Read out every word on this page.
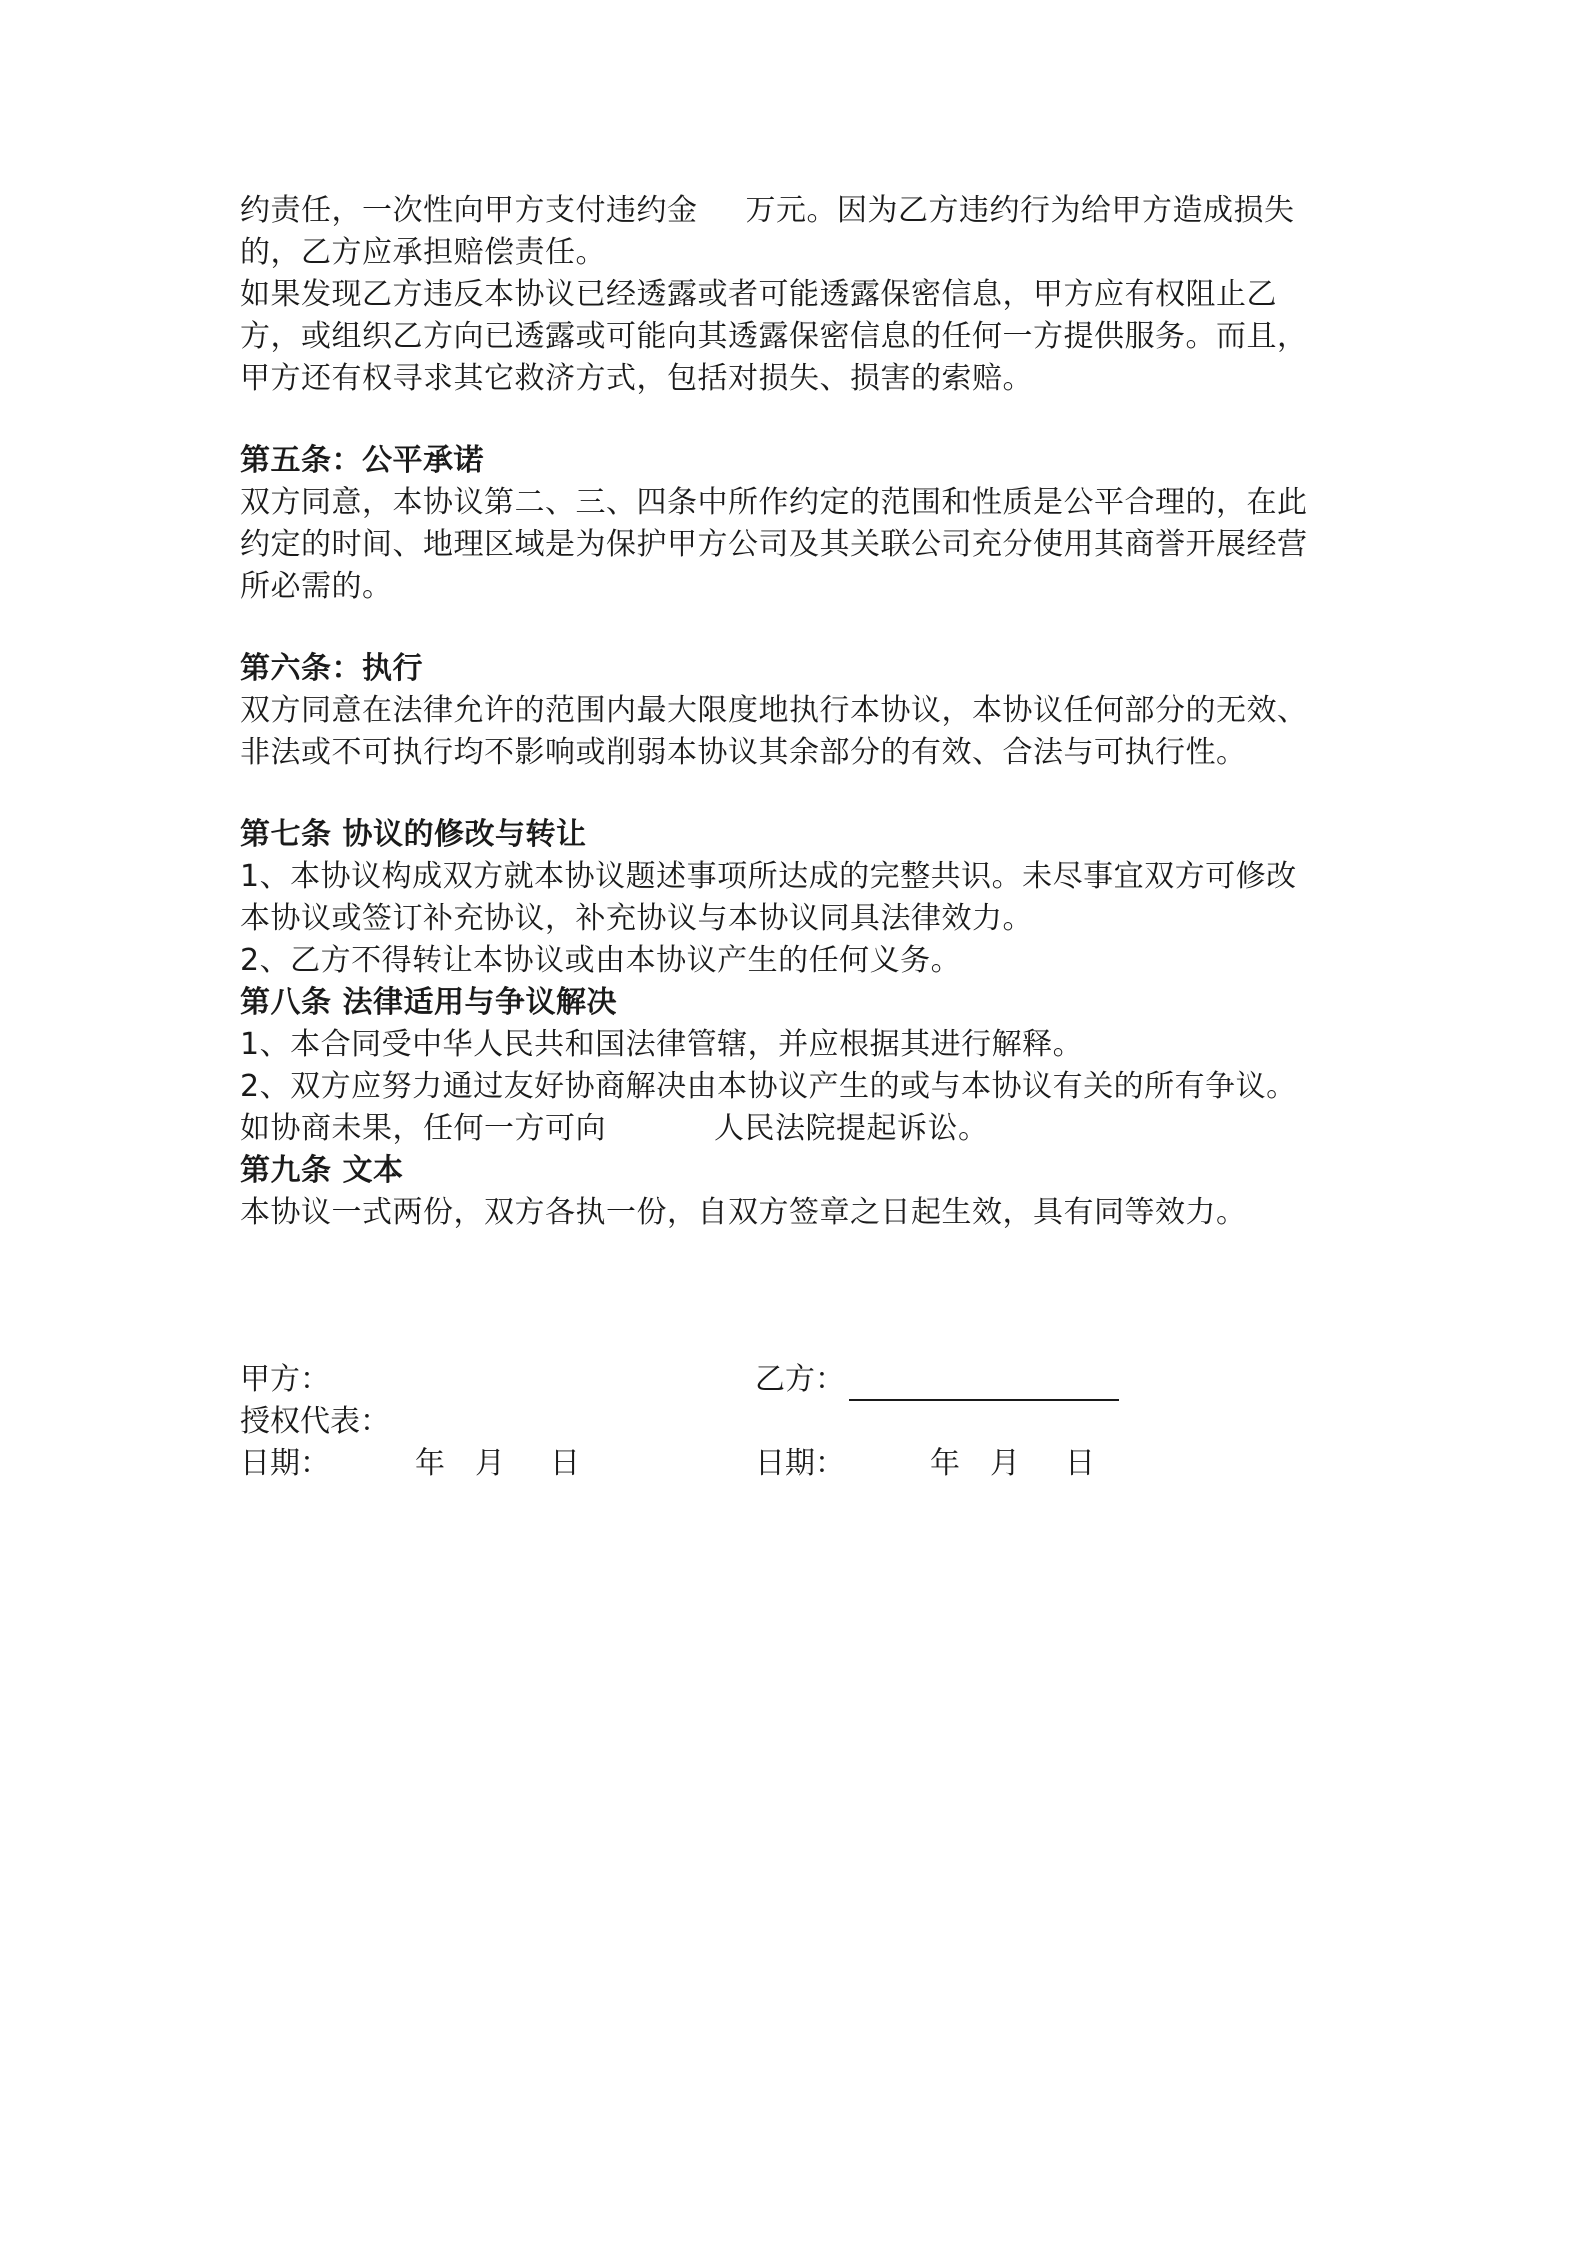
约责任，一次性向甲方支付违约金 万元。因为乙方违约行为给甲方造成损失
的，乙方应承担赔偿责任。
如果发现乙方违反本协议已经透露或者可能透露保密信息，甲方应有权阻止乙
方，或组织乙方向已透露或可能向其透露保密信息的任何一方提供服务。而且，
甲方还有权寻求其它救济方式，包括对损失、损害的索赔。
第五条：公平承诺
双方同意，本协议第二、三、四条中所作约定的范围和性质是公平合理的，在此
约定的时间、地理区域是为保护甲方公司及其关联公司充分使用其商誉开展经营
所必需的。
第六条：执行
双方同意在法律允许的范围内最大限度地执行本协议，本协议任何部分的无效、
非法或不可执行均不影响或削弱本协议其余部分的有效、合法与可执行性。
第七条 协议的修改与转让
1、本协议构成双方就本协议题述事项所达成的完整共识。未尽事宜双方可修改
本协议或签订补充协议，补充协议与本协议同具法律效力。
2、乙方不得转让本协议或由本协议产生的任何义务。
第八条 法律适用与争议解决
1、本合同受中华人民共和国法律管辖，并应根据其进行解释。
2、双方应努力通过友好协商解决由本协议产生的或与本协议有关的所有争议。
如协商未果，任何一方可向	人民法院提起诉讼。
第九条 文本
本协议一式两份，双方各执一份，自双方签章之日起生效，具有同等效力。
甲方：	乙方：
授权代表：
日期：	年 月 日	日期：	年 月 日
